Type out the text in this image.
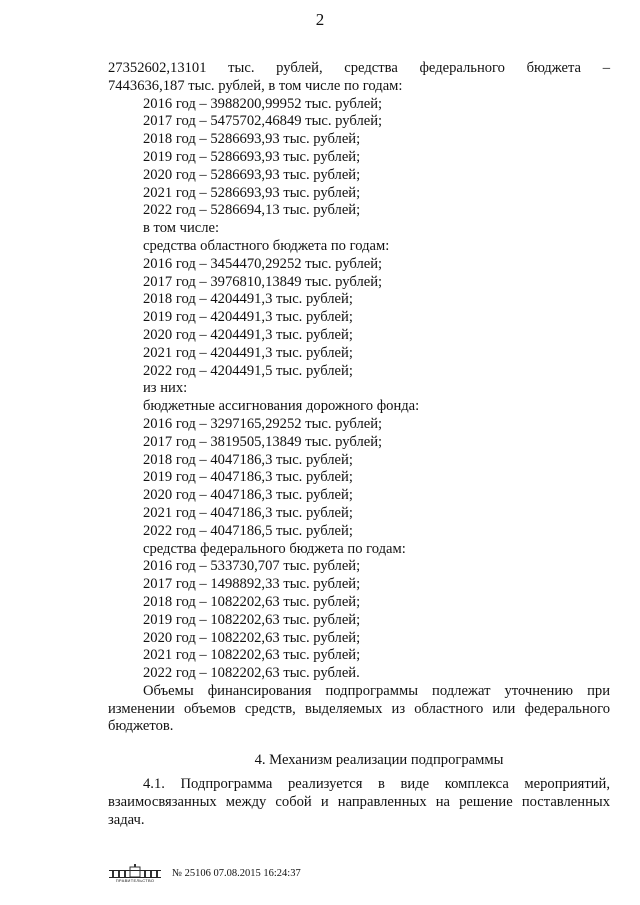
2
27352602,13101 тыс. рублей, средства федерального бюджета –
7443636,187 тыс. рублей, в том числе по годам:
2016 год – 3988200,99952 тыс. рублей;
2017 год – 5475702,46849 тыс. рублей;
2018 год – 5286693,93 тыс. рублей;
2019 год – 5286693,93 тыс. рублей;
2020 год – 5286693,93 тыс. рублей;
2021 год – 5286693,93 тыс. рублей;
2022 год – 5286694,13 тыс. рублей;
в том числе:
средства областного бюджета по годам:
2016 год – 3454470,29252 тыс. рублей;
2017 год – 3976810,13849 тыс. рублей;
2018 год – 4204491,3 тыс. рублей;
2019 год – 4204491,3 тыс. рублей;
2020 год – 4204491,3 тыс. рублей;
2021 год – 4204491,3 тыс. рублей;
2022 год – 4204491,5 тыс. рублей;
из них:
бюджетные ассигнования дорожного фонда:
2016 год – 3297165,29252 тыс. рублей;
2017 год – 3819505,13849 тыс. рублей;
2018 год – 4047186,3 тыс. рублей;
2019 год – 4047186,3 тыс. рублей;
2020 год – 4047186,3 тыс. рублей;
2021 год – 4047186,3 тыс. рублей;
2022 год – 4047186,5 тыс. рублей;
средства федерального бюджета по годам:
2016 год – 533730,707 тыс. рублей;
2017 год – 1498892,33 тыс. рублей;
2018 год – 1082202,63 тыс. рублей;
2019 год – 1082202,63 тыс. рублей;
2020 год – 1082202,63 тыс. рублей;
2021 год – 1082202,63 тыс. рублей;
2022 год – 1082202,63 тыс. рублей.
Объемы финансирования подпрограммы подлежат уточнению при изменении объемов средств, выделяемых из областного или федерального бюджетов.
4. Механизм реализации подпрограммы
4.1. Подпрограмма реализуется в виде комплекса мероприятий, взаимосвязанных между собой и направленных на решение поставленных задач.
ПРАВИТЕЛЬСТВО
№ 25106 07.08.2015 16:24:37
